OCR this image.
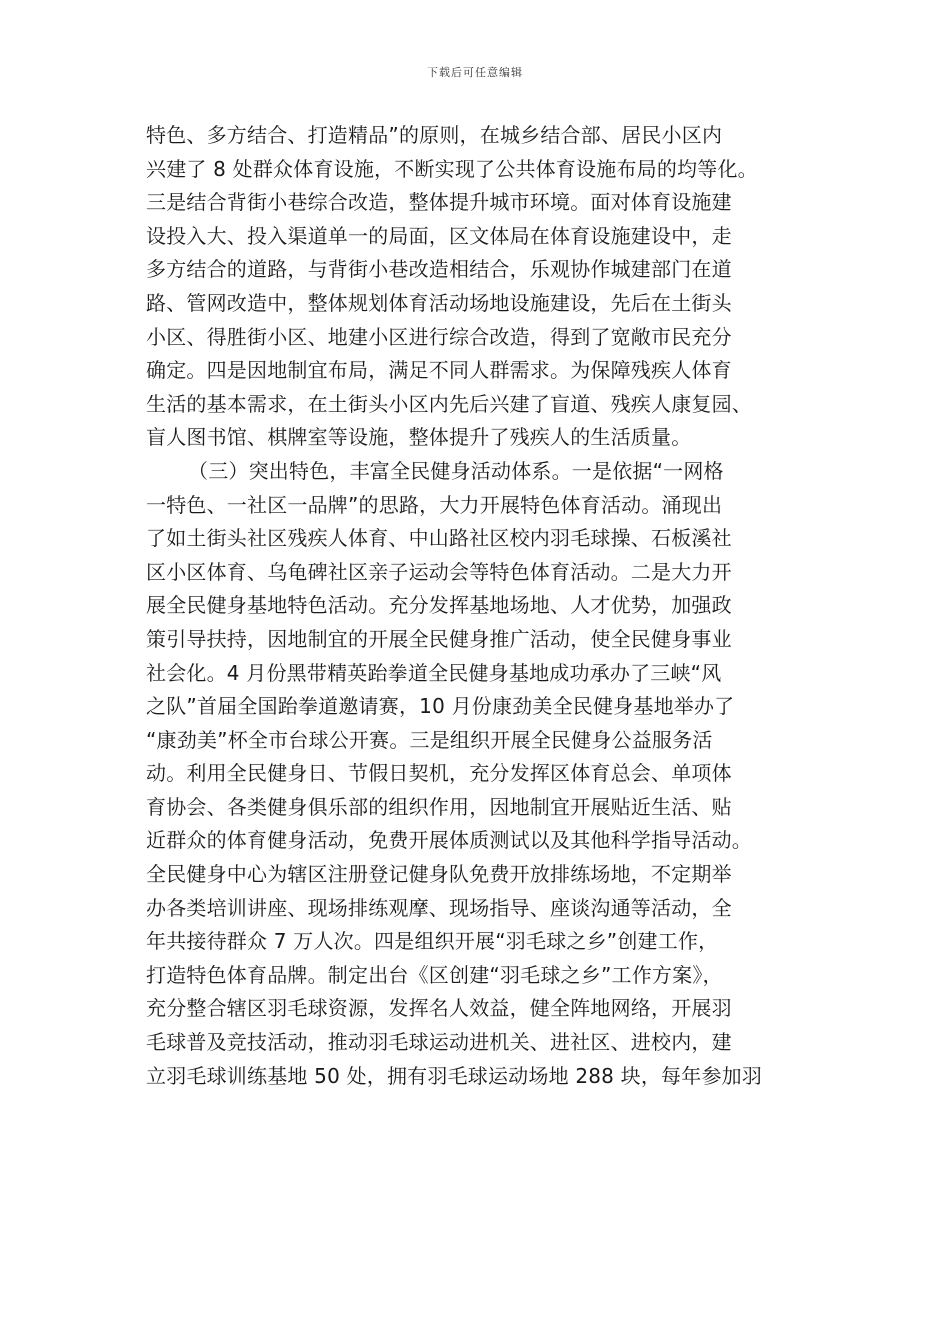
下载后可任意编辑
特色、多方结合、打造精品”的原则，在城乡结合部、居民小区内
兴建了 8 处群众体育设施，不断实现了公共体育设施布局的均等化。
三是结合背街小巷综合改造，整体提升城市环境。面对体育设施建
设投入大、投入渠道单一的局面，区文体局在体育设施建设中，走
多方结合的道路，与背街小巷改造相结合，乐观协作城建部门在道
路、管网改造中，整体规划体育活动场地设施建设，先后在土街头
小区、得胜街小区、地建小区进行综合改造，得到了宽敞市民充分
确定。四是因地制宜布局，满足不同人群需求。为保障残疾人体育
生活的基本需求，在土街头小区内先后兴建了盲道、残疾人康复园、
盲人图书馆、棋牌室等设施，整体提升了残疾人的生活质量。
（三）突出特色，丰富全民健身活动体系。一是依据“一网格
一特色、一社区一品牌”的思路，大力开展特色体育活动。涌现出
了如土街头社区残疾人体育、中山路社区校内羽毛球操、石板溪社
区小区体育、乌龟碑社区亲子运动会等特色体育活动。二是大力开
展全民健身基地特色活动。充分发挥基地场地、人才优势，加强政
策引导扶持，因地制宜的开展全民健身推广活动，使全民健身事业
社会化。4 月份黑带精英跆拳道全民健身基地成功承办了三峡“风
之队”首届全国跆拳道邀请赛，10 月份康劲美全民健身基地举办了
“康劲美”杯全市台球公开赛。三是组织开展全民健身公益服务活
动。利用全民健身日、节假日契机，充分发挥区体育总会、单项体
育协会、各类健身俱乐部的组织作用，因地制宜开展贴近生活、贴
近群众的体育健身活动，免费开展体质测试以及其他科学指导活动。
全民健身中心为辖区注册登记健身队免费开放排练场地，不定期举
办各类培训讲座、现场排练观摩、现场指导、座谈沟通等活动，全
年共接待群众 7 万人次。四是组织开展“羽毛球之乡”创建工作，
打造特色体育品牌。制定出台《区创建“羽毛球之乡”工作方案》，
充分整合辖区羽毛球资源，发挥名人效益，健全阵地网络，开展羽
毛球普及竞技活动，推动羽毛球运动进机关、进社区、进校内，建
立羽毛球训练基地 50 处，拥有羽毛球运动场地 288 块，每年参加羽
